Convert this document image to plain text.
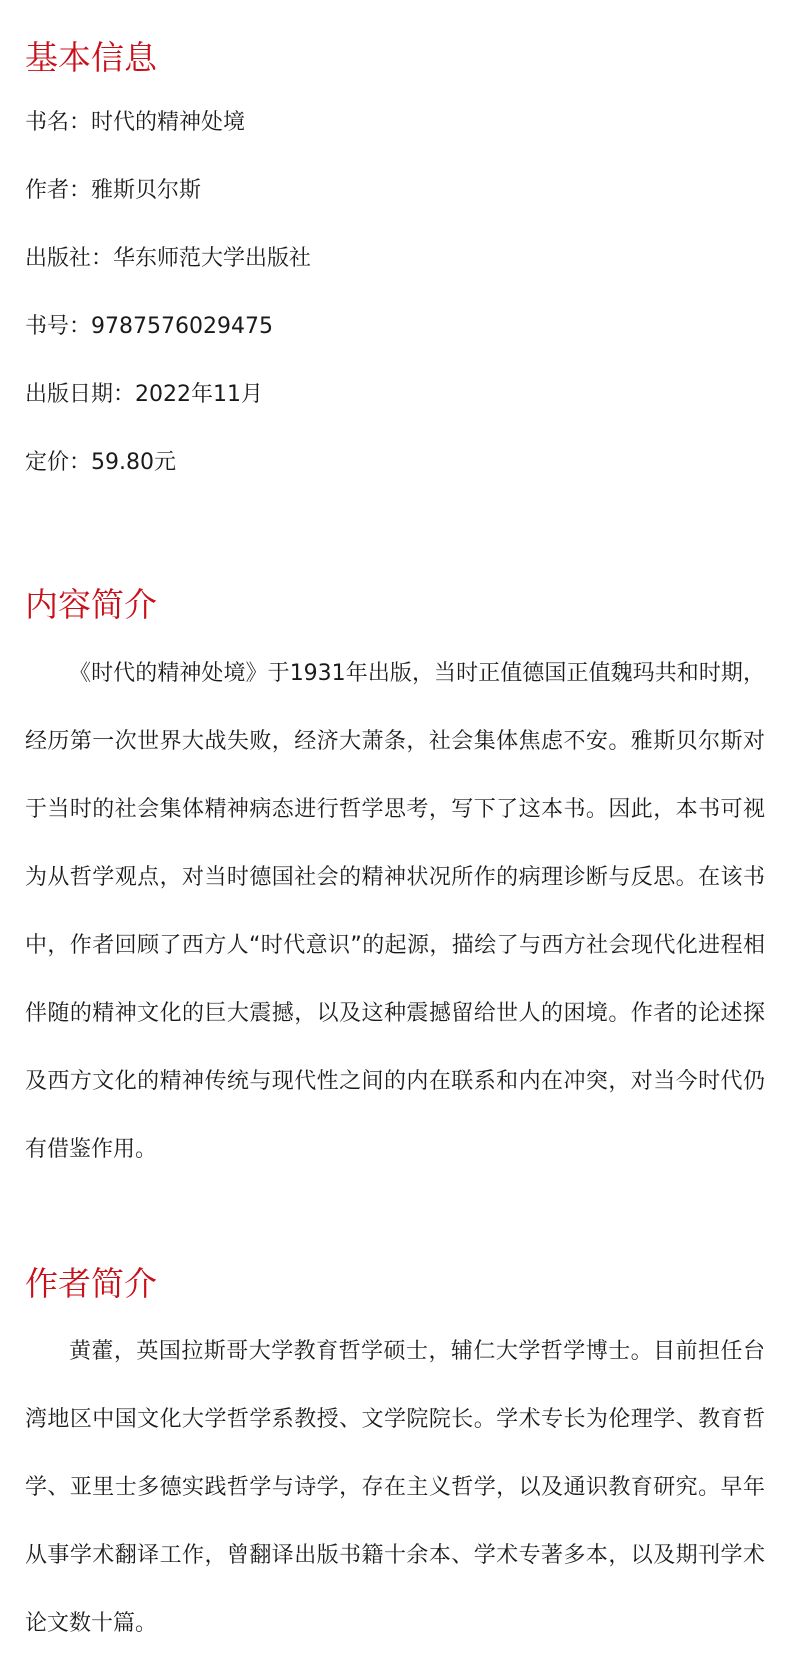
基本信息
书名：时代的精神处境
作者：雅斯贝尔斯
出版社：华东师范大学出版社
书号：9787576029475
出版日期：2022年11月
定价：59.80元
内容简介

《时代的精神处境》于1931年出版，当时正值德国正值魏玛共和时期，经历第一次世界大战失败，经济大萧条，社会集体焦虑不安。雅斯贝尔斯对于当时的社会集体精神病态进行哲学思考，写下了这本书。因此，本书可视为从哲学观点，对当时德国社会的精神状况所作的病理诊断与反思。在该书中，作者回顾了西方人“时代意识”的起源，描绘了与西方社会现代化进程相伴随的精神文化的巨大震撼，以及这种震撼留给世人的困境。作者的论述探及西方文化的精神传统与现代性之间的内在联系和内在冲突，对当今时代仍有借鉴作用。

作者简介

黄藿，英国拉斯哥大学教育哲学硕士，辅仁大学哲学博士。目前担任台湾地区中国文化大学哲学系教授、文学院院长。学术专长为伦理学、教育哲学、亚里士多德实践哲学与诗学，存在主义哲学，以及通识教育研究。早年从事学术翻译工作，曾翻译出版书籍十余本、学术专著多本，以及期刊学术论文数十篇。
